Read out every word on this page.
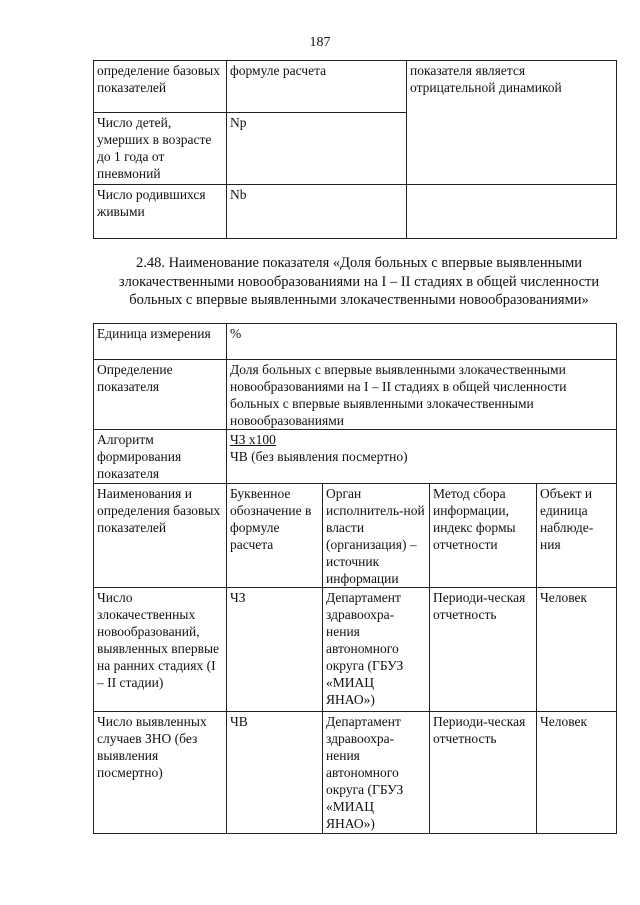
187
определение базовых показателей	формуле расчета	показателя является отрицательной динамикой
Число детей, умерших в возрасте до 1 года от пневмоний	Np	
Число родившихся живыми	Nb	
2.48. Наименование показателя «Доля больных с впервые выявленными злокачественными новообразованиями на I – II стадиях в общей численности больных с впервые выявленными злокачественными новообразованиями»
Единица измерения	%			
Определение показателя	Доля больных с впервые выявленными злокачественными новообразованиями на I – II стадиях в общей численности больных с впервые выявленными злокачественными новообразованиями			
Алгоритм формирования показателя	ЧЗ х100
ЧВ (без выявления посмертно)			

Наименования и определения базовых показателей	Буквенное обозначение в формуле расчета	Орган исполнитель-ной власти (организация) – источник информации	Метод сбора информации, индекс формы отчетности	Объект и единица наблюде-ния
Число злокачественных новообразований, выявленных впервые на ранних стадиях (I – II стадии)	ЧЗ	Департамент здравоохра-нения автономного округа (ГБУЗ «МИАЦ ЯНАО»)	Периоди-ческая отчетность	Человек
Число выявленных случаев ЗНО (без выявления посмертно)	ЧВ	Департамент здравоохра-нения автономного округа (ГБУЗ «МИАЦ ЯНАО»)	Периоди-ческая отчетность	Человек
